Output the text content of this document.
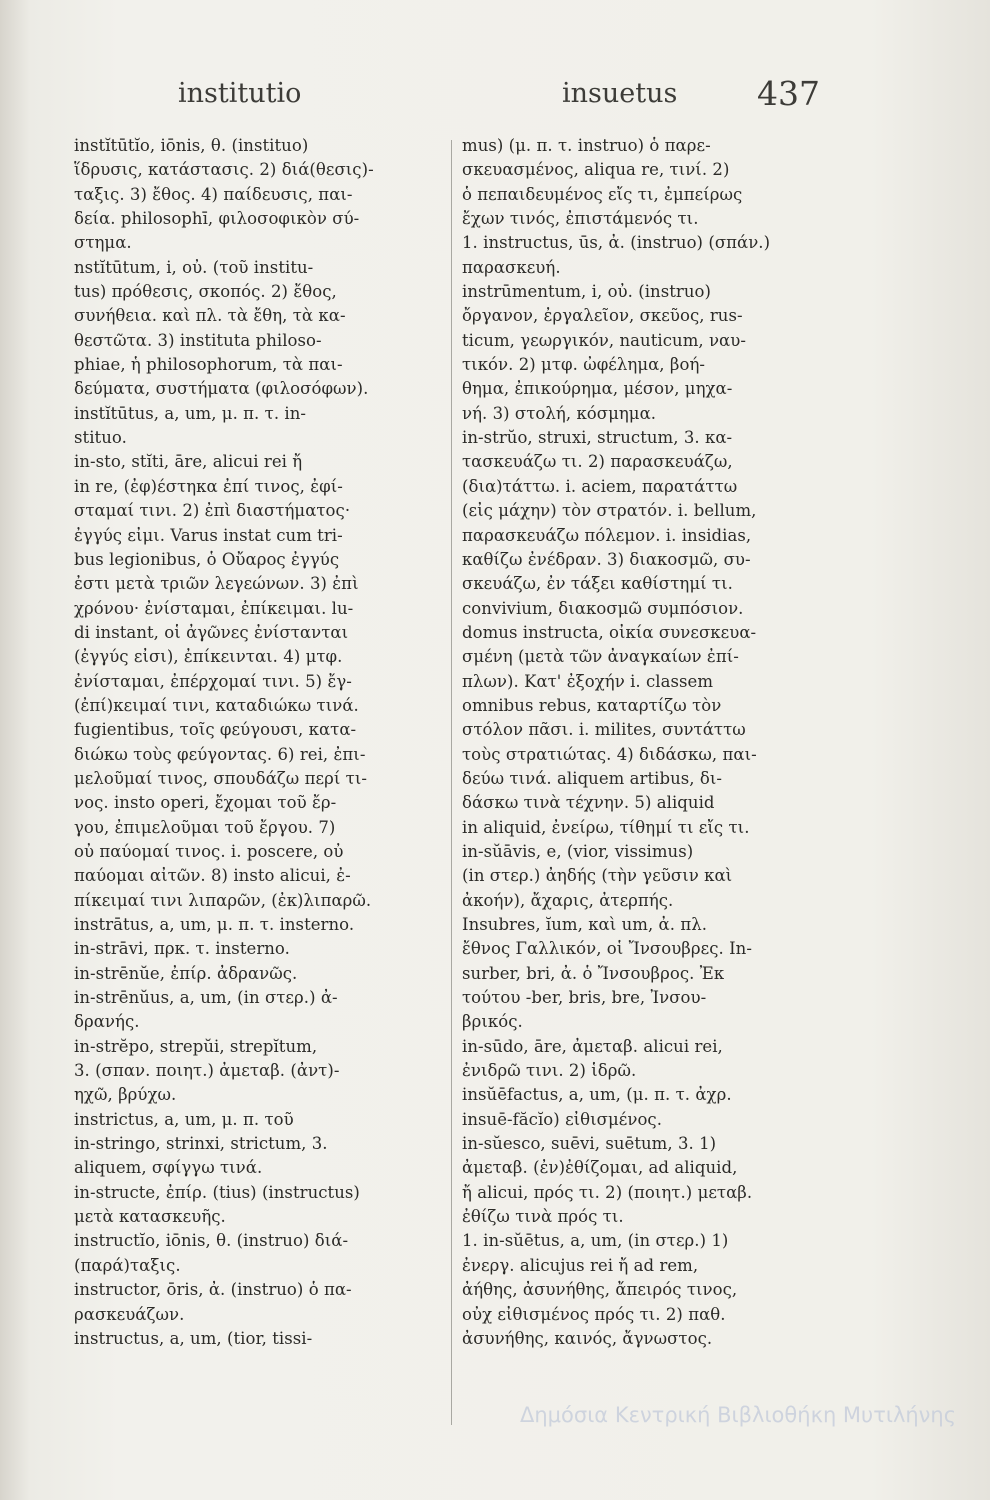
institutio	insuetus 437
instĭtūtĭo, iōnis, θ. (instituo)
ἵδρυσις, κατάστασις. 2) διά(θεσις)-
ταξις. 3) ἔθος. 4) παίδευσις, παι-
δεία. philosophī, φιλοσοφικὸν σύ-
στημα.
nstĭtūtum, i, οὐ. (τοῦ institu-
tus) πρόθεσις, σκοπός. 2) ἔθος,
συνήθεια. καὶ πλ. τὰ ἔθη, τὰ κα-
θεστῶτα. 3) instituta philoso-
phiae, ἡ philosophorum, τὰ παι-
δεύματα, συστήματα (φιλοσόφων).
instĭtūtus, a, um, μ. π. τ. in-
stituo.
in-sto, stĭti, āre, alicui rei ἤ
in re, (ἐφ)έστηκα ἐπί τινος, ἐφί-
σταμαί τινι. 2) ἐπὶ διαστήματος·
ἐγγύς εἰμι. Varus instat cum tri-
bus legionibus, ὁ Οὔαρος ἐγγύς
ἐστι μετὰ τριῶν λεγεώνων. 3) ἐπὶ
χρόνου· ἐνίσταμαι, ἐπίκειμαι. lu-
di instant, οἱ ἀγῶνες ἐνίστανται
(ἐγγύς εἰσι), ἐπίκεινται. 4) μτφ.
ἐνίσταμαι, ἐπέρχομαί τινι. 5) ἔγ-
(ἐπί)κειμαί τινι, καταδιώκω τινά.
fugientibus, τοῖς φεύγουσι, κατα-
διώκω τοὺς φεύγοντας. 6) rei, ἐπι-
μελοῦμαί τινος, σπουδάζω περί τι-
νος. insto operi, ἔχομαι τοῦ ἔρ-
γου, ἐπιμελοῦμαι τοῦ ἔργου. 7)
οὐ παύομαί τινος. i. poscere, οὐ
παύομαι αἰτῶν. 8) insto alicui, ἐ-
πίκειμαί τινι λιπαρῶν, (ἐκ)λιπαρῶ.
instrātus, a, um, μ. π. τ. insterno.
in-strāvi, πρκ. τ. insterno.
in-strēnŭe, ἐπίρ. ἀδρανῶς.
in-strēnŭus, a, um, (in στερ.) ἀ-
δρανής.
in-strĕpo, strepŭi, strepĭtum,
3. (σπαν. ποιητ.) ἀμεταβ. (ἀντ)-
ηχῶ, βρύχω.
instrictus, a, um, μ. π. τοῦ
in-stringo, strinxi, strictum, 3.
aliquem, σφίγγω τινά.
in-structe, ἐπίρ. (tius) (instructus)
μετὰ κατασκευῆς.
instructĭo, iōnis, θ. (instruo) διά-
(παρά)ταξις.
instructor, ōris, ἀ. (instruo) ὁ πα-
ρασκευάζων.
instructus, a, um, (tior, tissi-
mus) (μ. π. τ. instruo) ὁ παρε-
σκευασμένος, aliqua re, τινί. 2)
ὁ πεπαιδευμένος εἴς τι, ἐμπείρως
ἔχων τινός, ἐπιστάμενός τι.
1. instructus, ūs, ἀ. (instruo) (σπάν.)
παρασκευή.
instrūmentum, i, οὐ. (instruo)
ὄργανον, ἐργαλεῖον, σκεῦος, rus-
ticum, γεωργικόν, nauticum, ναυ-
τικόν. 2) μτφ. ὠφέλημα, βοή-
θημα, ἐπικούρημα, μέσον, μηχα-
νή. 3) στολή, κόσμημα.
in-strŭo, struxi, structum, 3. κα-
τασκευάζω τι. 2) παρασκευάζω,
(δια)τάττω. i. aciem, παρατάττω
(εἰς μάχην) τὸν στρατόν. i. bellum,
παρασκευάζω πόλεμον. i. insidias,
καθίζω ἐνέδραν. 3) διακοσμῶ, συ-
σκευάζω, ἐν τάξει καθίστημί τι.
convivium, διακοσμῶ συμπόσιον.
domus instructa, οἰκία συνεσκευα-
σμένη (μετὰ τῶν ἀναγκαίων ἐπί-
πλων). Κατ' ἐξοχήν i. classem
omnibus rebus, καταρτίζω τὸν
στόλον πᾶσι. i. milites, συντάττω
τοὺς στρατιώτας. 4) διδάσκω, παι-
δεύω τινά. aliquem artibus, δι-
δάσκω τινὰ τέχνην. 5) aliquid
in aliquid, ἐνείρω, τίθημί τι εἴς τι.
in-sŭāvis, e, (vior, vissimus)
(in στερ.) ἀηδής (τὴν γεῦσιν καὶ
ἀκοήν), ἄχαρις, ἀτερπής.
Insubres, ĭum, καὶ um, ἀ. πλ.
ἔθνος Γαλλικόν, οἱ Ἴνσουβρες. In-
surber, bri, ἀ. ὁ Ἴνσουβρος. Ἐκ
τούτου -ber, bris, bre, Ἰνσου-
βρικός.
in-sūdo, āre, ἀμεταβ. alicui rei,
ἐνιδρῶ τινι. 2) ἱδρῶ.
insŭēfactus, a, um, (μ. π. τ. ἀχρ.
insuē-făcĭo) εἰθισμένος.
in-sŭesco, suēvi, suētum, 3. 1)
ἀμεταβ. (ἐν)ἐθίζομαι, ad aliquid,
ἤ alicui, πρός τι. 2) (ποιητ.) μεταβ.
ἐθίζω τινὰ πρός τι.
1. in-sŭētus, a, um, (in στερ.) 1)
ἐνεργ. alicujus rei ἤ ad rem,
ἀήθης, ἀσυνήθης, ἄπειρός τινος,
οὐχ εἰθισμένος πρός τι. 2) παθ.
ἀσυνήθης, καινός, ἄγνωστος.
Δημόσια Κεντρική Βιβλιοθήκη Μυτιλήνης
